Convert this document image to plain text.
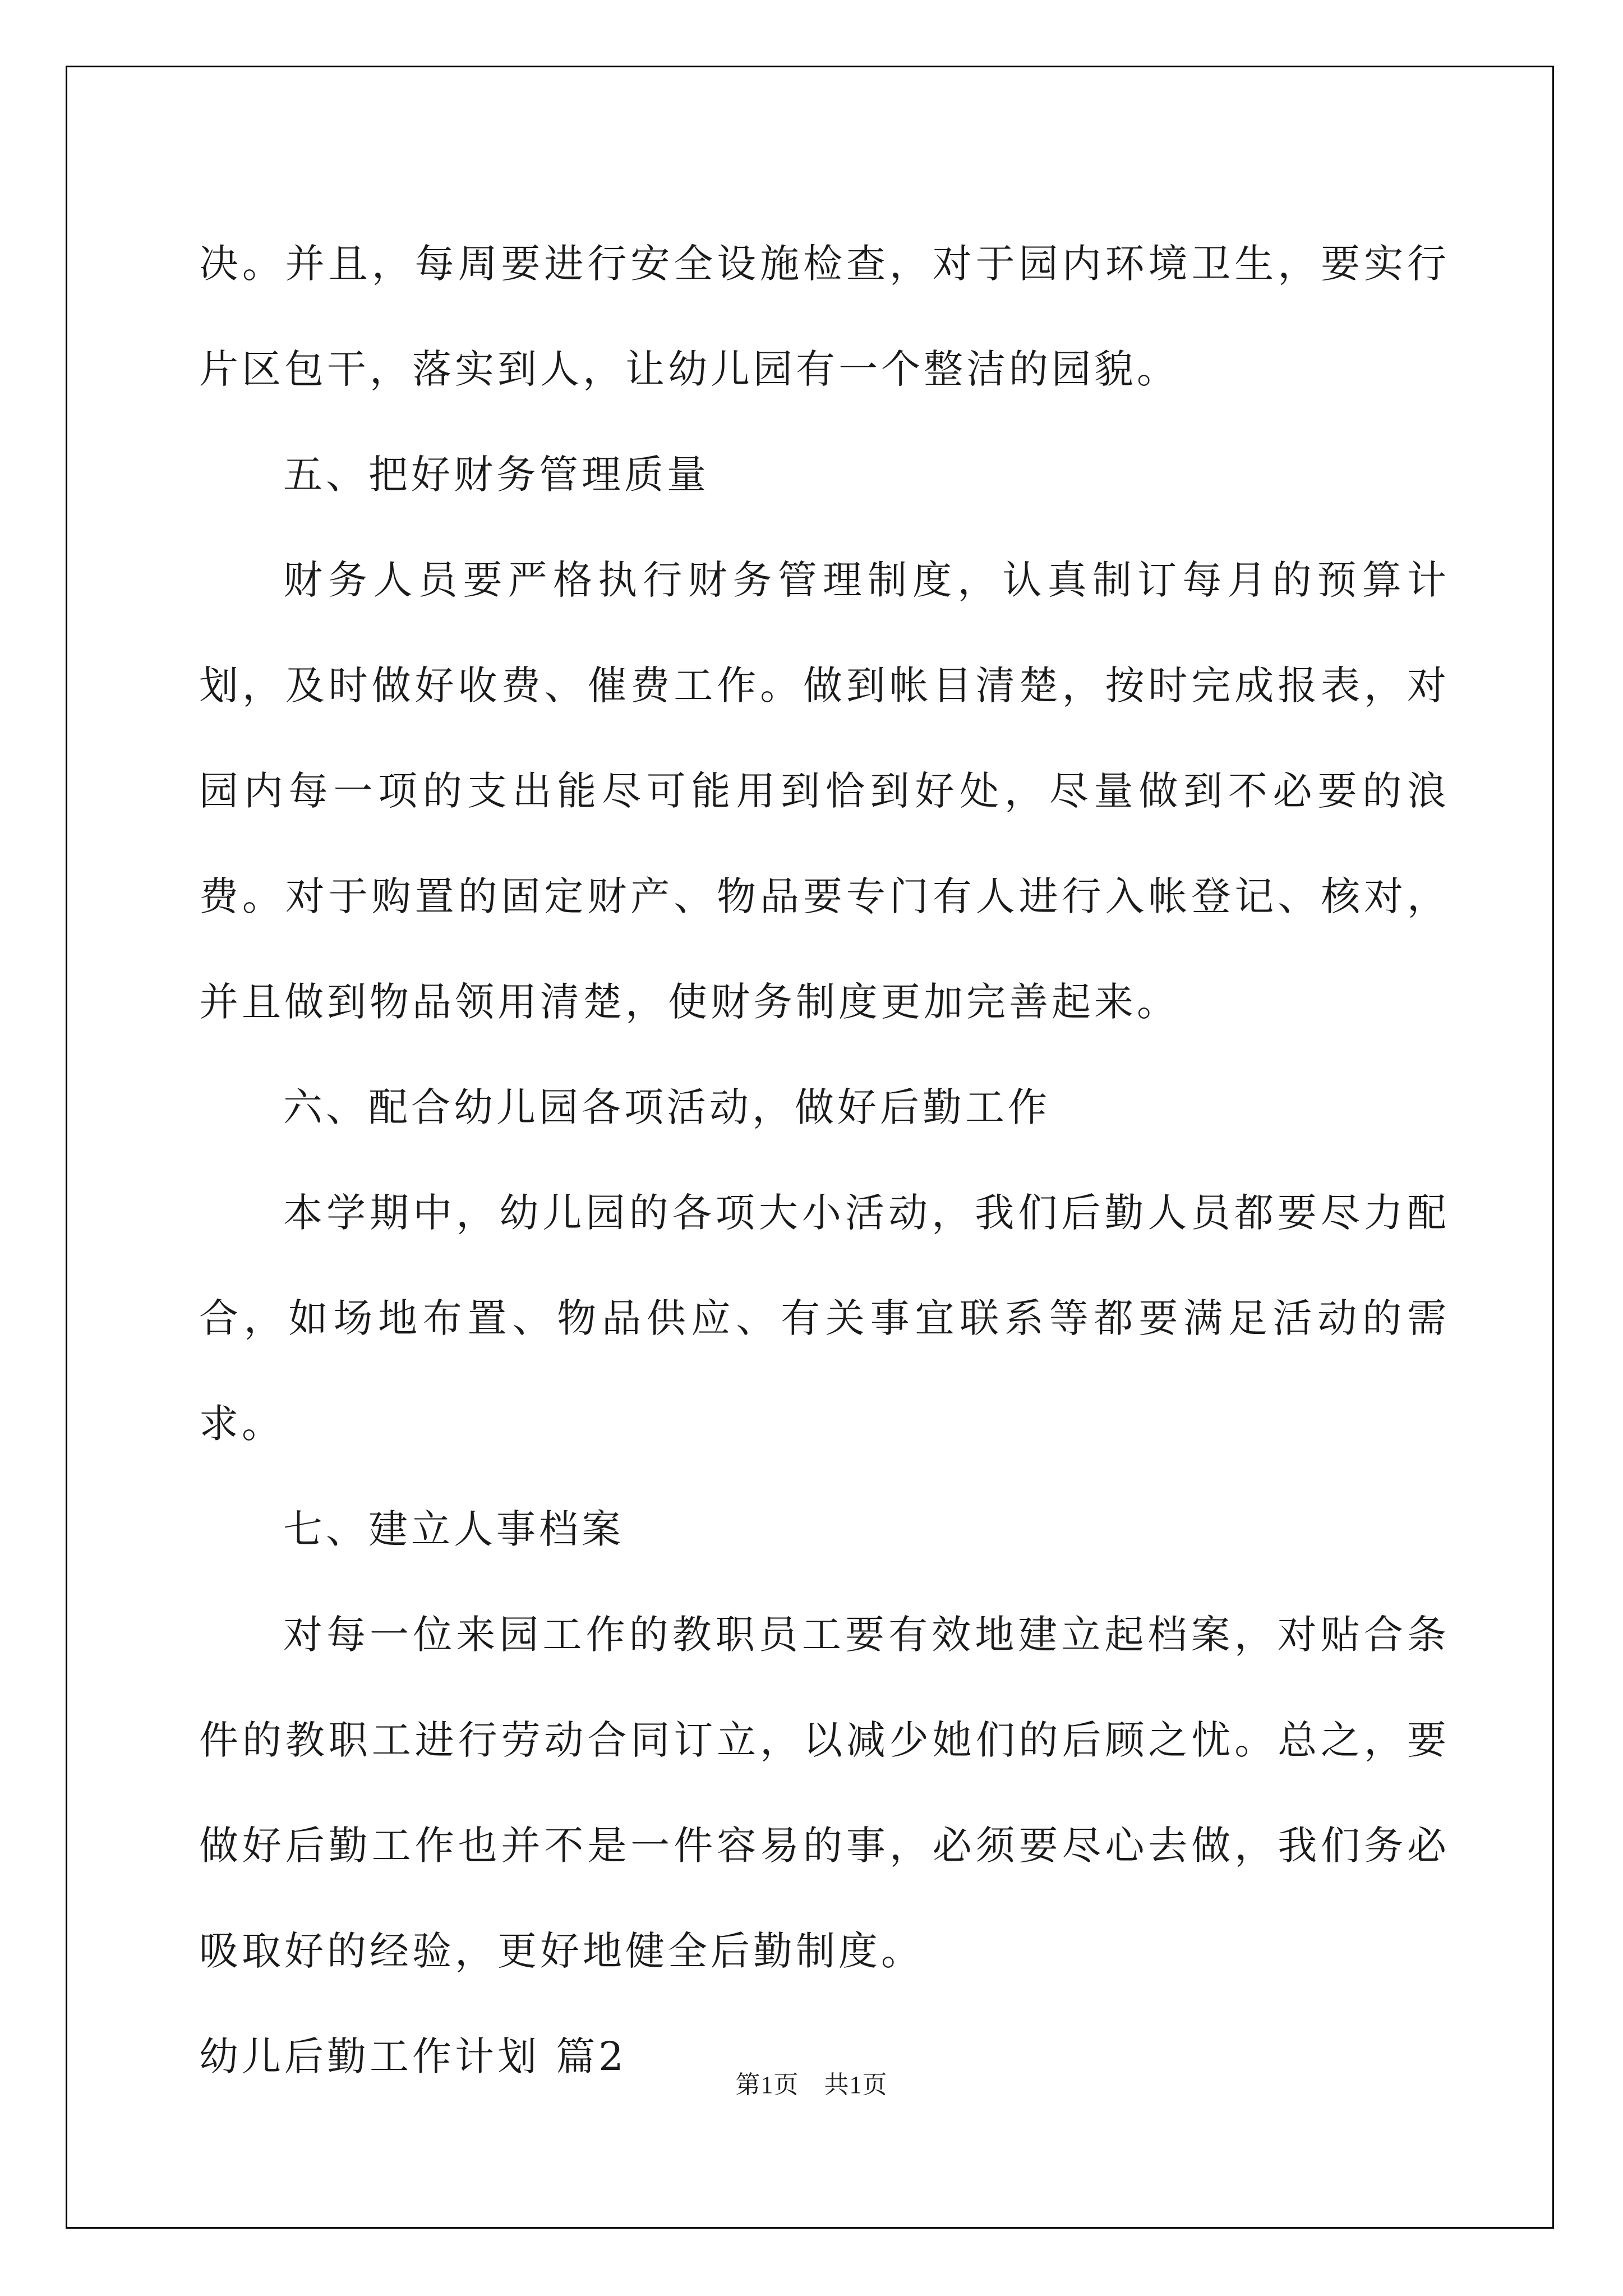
决。并且，每周要进行安全设施检查，对于园内环境卫生，要实行片区包干，落实到人，让幼儿园有一个整洁的园貌。

五、把好财务管理质量

财务人员要严格执行财务管理制度，认真制订每月的预算计划，及时做好收费、催费工作。做到帐目清楚，按时完成报表，对园内每一项的支出能尽可能用到恰到好处，尽量做到不必要的浪费。对于购置的固定财产、物品要专门有人进行入帐登记、核对，并且做到物品领用清楚，使财务制度更加完善起来。

六、配合幼儿园各项活动，做好后勤工作

本学期中，幼儿园的各项大小活动，我们后勤人员都要尽力配合，如场地布置、物品供应、有关事宜联系等都要满足活动的需求。

七、建立人事档案

对每一位来园工作的教职员工要有效地建立起档案，对贴合条件的教职工进行劳动合同订立，以减少她们的后顾之忧。总之，要做好后勤工作也并不是一件容易的事，必须要尽心去做，我们务必吸取好的经验，更好地健全后勤制度。

幼儿后勤工作计划 篇2

第1页　共1页
